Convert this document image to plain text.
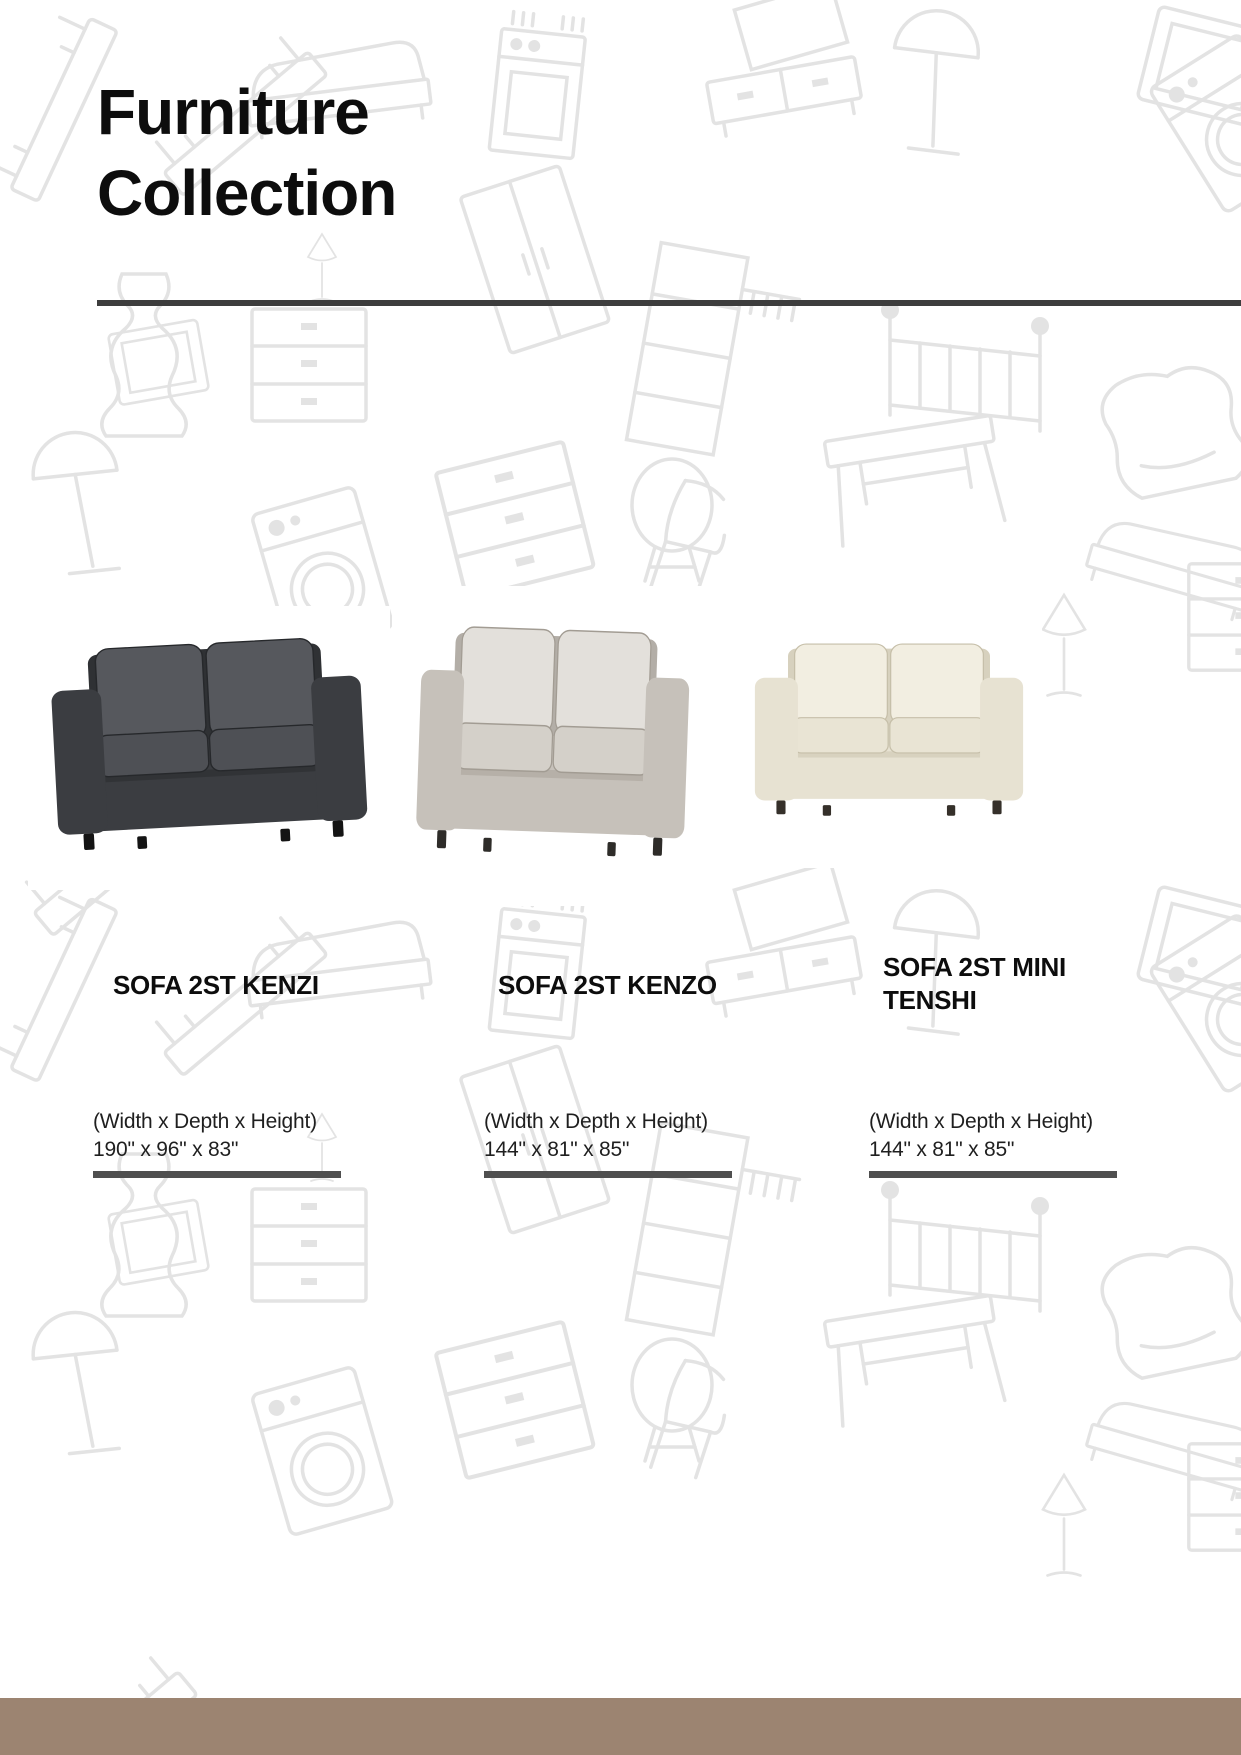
Furniture Collection
SOFA 2ST KENZI	SOFA 2ST KENZO
SOFA 2ST MINI TENSHI
(Width x Depth x Height)
190" x 96" x 83"
(Width x Depth x Height)
144" x 81" x 85"
(Width x Depth x Height)
144" x 81" x 85"
